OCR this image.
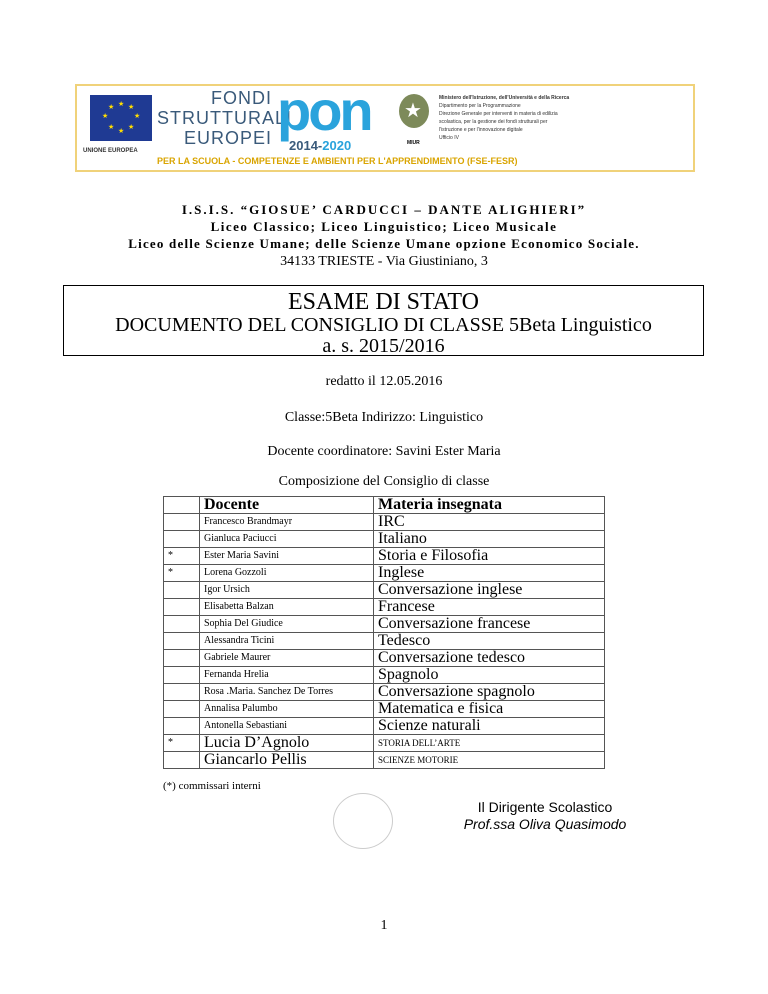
★ ★
★
★
★
★
★
★
UNIONE EUROPEA
FONDI
STRUTTURALI
EUROPEI pon
2014-2020
★	MIUR
Ministero dell'Istruzione, dell'Università e della Ricerca
Dipartimento per la Programmazione
Direzione Generale per interventi in materia di edilizia
scolastica, per la gestione dei fondi strutturali per
l'istruzione e per l'innovazione digitale
Ufficio IV
PER LA SCUOLA - COMPETENZE E AMBIENTI PER L'APPRENDIMENTO (FSE-FESR)
I.S.I.S. “GIOSUE’ CARDUCCI – DANTE ALIGHIERI”
Liceo Classico; Liceo Linguistico; Liceo Musicale
Liceo delle Scienze Umane; delle Scienze Umane opzione Economico Sociale.
34133 TRIESTE - Via Giustiniano, 3
ESAME DI STATO
DOCUMENTO DEL CONSIGLIO DI CLASSE 5Beta Linguistico
a. s. 2015/2016
redatto il 12.05.2016
Classe:5Beta Indirizzo: Linguistico
Docente coordinatore: Savini Ester Maria
Composizione del Consiglio di classe
	Docente	Materia insegnata
	Francesco Brandmayr	IRC
	Gianluca Paciucci	Italiano
*	Ester Maria Savini	Storia e Filosofia
*	Lorena Gozzoli	Inglese
	Igor Ursich	Conversazione inglese
	Elisabetta Balzan	Francese
	Sophia Del Giudice	Conversazione francese
	Alessandra Ticini	Tedesco
	Gabriele Maurer	Conversazione tedesco
	Fernanda Hrelia	Spagnolo
	Rosa .Maria. Sanchez De Torres	Conversazione spagnolo
	Annalisa Palumbo	Matematica e fisica
	Antonella Sebastiani	Scienze naturali
*	Lucia D’Agnolo	STORIA DELL’ARTE
	Giancarlo Pellis	SCIENZE MOTORIE
(*) commissari interni
Il Dirigente Scolastico
Prof.ssa Oliva Quasimodo
1
